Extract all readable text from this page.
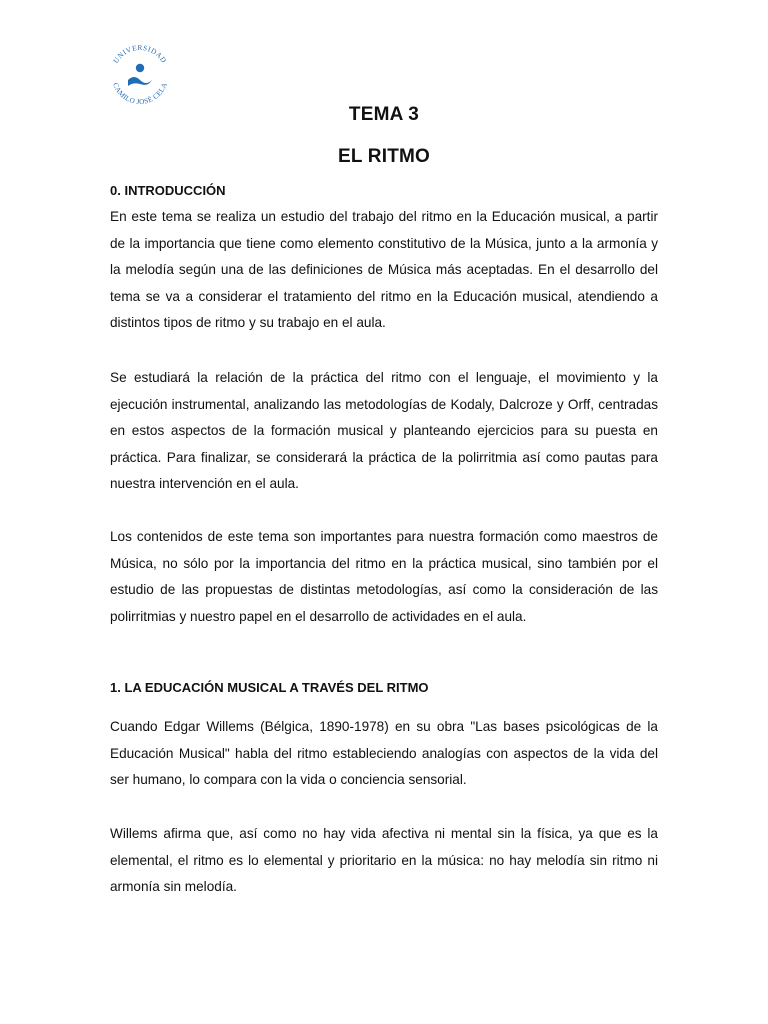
UNIVERSIDAD
CAMILO JOSÉ CELA
TEMA 3
EL RITMO
0. INTRODUCCIÓN

En este tema se realiza un estudio del trabajo del ritmo en la Educación musical, a partir de la importancia que tiene como elemento constitutivo de la Música, junto a la armonía y la melodía según una de las definiciones de Música más aceptadas. En el desarrollo del tema se va a considerar el tratamiento del ritmo en la Educación musical, atendiendo a distintos tipos de ritmo y su trabajo en el aula.

Se estudiará la relación de la práctica del ritmo con el lenguaje, el movimiento y la ejecución instrumental, analizando las metodologías de Kodaly, Dalcroze y Orff, centradas en estos aspectos de la formación musical y planteando ejercicios para su puesta en práctica. Para finalizar, se considerará la práctica de la polirritmia así como pautas para nuestra intervención en el aula.

Los contenidos de este tema son importantes para nuestra formación como maestros de Música, no sólo por la importancia del ritmo en la práctica musical, sino también por el estudio de las propuestas de distintas metodologías, así como la consideración de las polirritmias y nuestro papel en el desarrollo de actividades en el aula.

1. LA EDUCACIÓN MUSICAL A TRAVÉS DEL RITMO

Cuando Edgar Willems (Bélgica, 1890-1978) en su obra "Las bases psicológicas de la Educación Musical" habla del ritmo estableciendo analogías con aspectos de la vida del ser humano, lo compara con la vida o conciencia sensorial.

Willems afirma que, así como no hay vida afectiva ni mental sin la física, ya que es la elemental, el ritmo es lo elemental y prioritario en la música: no hay melodía sin ritmo ni armonía sin melodía.
